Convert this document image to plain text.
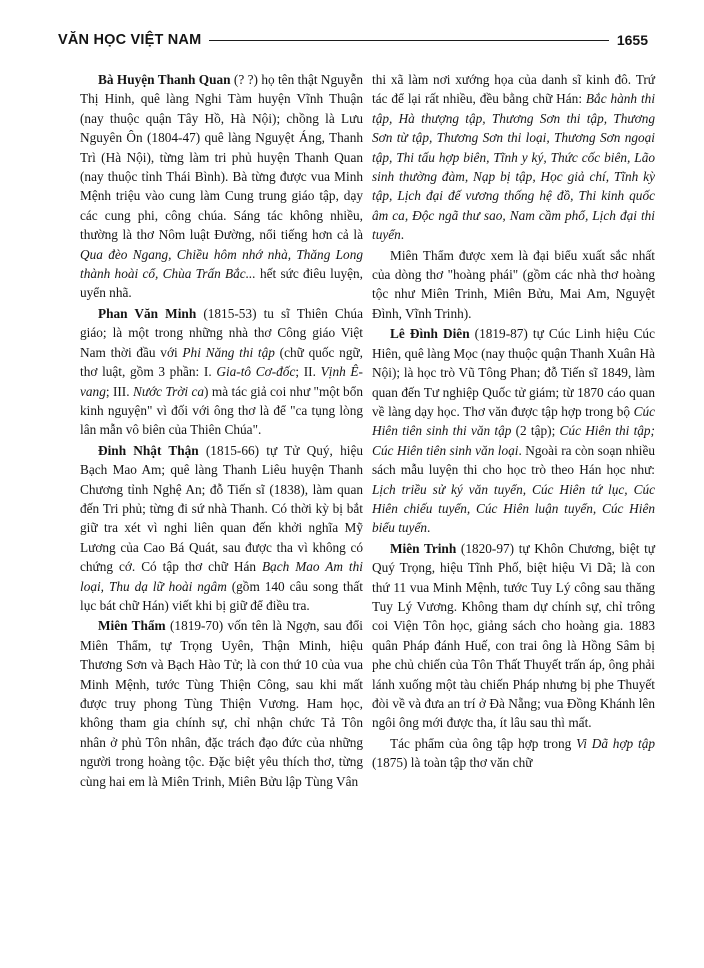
VĂN HỌC VIỆT NAM	1655

Bà Huyện Thanh Quan (? ?) họ tên thật Nguyễn Thị Hinh, quê làng Nghi Tàm huyện Vĩnh Thuận (nay thuộc quận Tây Hồ, Hà Nội); chồng là Lưu Nguyên Ôn (1804-47) quê làng Nguyệt Áng, Thanh Trì (Hà Nội), từng làm tri phủ huyện Thanh Quan (nay thuộc tỉnh Thái Bình). Bà từng được vua Minh Mệnh triệu vào cung làm Cung trung giáo tập, dạy các cung phi, công chúa. Sáng tác không nhiều, thường là thơ Nôm luật Đường, nổi tiếng hơn cả là Qua đèo Ngang, Chiều hôm nhớ nhà, Thăng Long thành hoài cổ, Chùa Trấn Bắc... hết sức điêu luyện, uyển nhã.

Phan Văn Minh (1815-53) tu sĩ Thiên Chúa giáo; là một trong những nhà thơ Công giáo Việt Nam thời đầu với Phi Năng thi tập (chữ quốc ngữ, thơ luật, gồm 3 phần: I. Gia-tô Cơ-đốc; II. Vịnh Ê-vang; III. Nước Trời ca) mà tác giả coi như "một bổn kinh nguyện" vì đối với ông thơ là để "ca tụng lòng lân mẫn vô biên của Thiên Chúa".

Đinh Nhật Thận (1815-66) tự Tử Quý, hiệu Bạch Mao Am; quê làng Thanh Liêu huyện Thanh Chương tỉnh Nghệ An; đỗ Tiến sĩ (1838), làm quan đến Tri phủ; từng đi sứ nhà Thanh. Có thời kỳ bị bắt giữ tra xét vì nghi liên quan đến khởi nghĩa Mỹ Lương của Cao Bá Quát, sau được tha vì không có chứng cớ. Có tập thơ chữ Hán Bạch Mao Am thi loại, Thu dạ lữ hoài ngâm (gồm 140 câu song thất lục bát chữ Hán) viết khi bị giữ để điều tra.

Miên Thẩm (1819-70) vốn tên là Ngợn, sau đổi Miên Thẩm, tự Trọng Uyên, Thận Minh, hiệu Thương Sơn và Bạch Hào Tử; là con thứ 10 của vua Minh Mệnh, tước Tùng Thiện Công, sau khi mất được truy phong Tùng Thiện Vương. Ham học, không tham gia chính sự, chỉ nhận chức Tả Tôn nhân ở phủ Tôn nhân, đặc trách đạo đức của những người trong hoàng tộc. Đặc biệt yêu thích thơ, từng cùng hai em là Miên Trinh, Miên Bửu lập Tùng Vân

thi xã làm nơi xướng họa của danh sĩ kinh đô. Trứ tác để lại rất nhiều, đều bằng chữ Hán: Bắc hành thi tập, Hà thượng tập, Thương Sơn thi tập, Thương Sơn từ tập, Thương Sơn thi loại, Thương Sơn ngoại tập, Thi tấu hợp biên, Tĩnh y ký, Thức cốc biên, Lão sinh thường đàm, Nạp bị tập, Học giả chí, Tĩnh kỳ tập, Lịch đại đế vương thống hệ đồ, Thi kinh quốc âm ca, Độc ngã thư sao, Nam cầm phổ, Lịch đại thi tuyển.

Miên Thẩm được xem là đại biểu xuất sắc nhất của dòng thơ "hoàng phái" (gồm các nhà thơ hoàng tộc như Miên Trinh, Miên Bửu, Mai Am, Nguyệt Đình, Vĩnh Trinh).

Lê Đình Diên (1819-87) tự Cúc Linh hiệu Cúc Hiên, quê làng Mọc (nay thuộc quận Thanh Xuân Hà Nội); là học trò Vũ Tông Phan; đỗ Tiến sĩ 1849, làm quan đến Tư nghiệp Quốc tử giám; từ 1870 cáo quan về làng dạy học. Thơ văn được tập hợp trong bộ Cúc Hiên tiên sinh thi văn tập (2 tập); Cúc Hiên thi tập; Cúc Hiên tiên sinh văn loại. Ngoài ra còn soạn nhiều sách mẫu luyện thi cho học trò theo Hán học như: Lịch triều sử ký văn tuyển, Cúc Hiên tứ lục, Cúc Hiên chiếu tuyển, Cúc Hiên luận tuyển, Cúc Hiên biểu tuyển.

Miên Trinh (1820-97) tự Khôn Chương, biệt tự Quý Trọng, hiệu Tĩnh Phố, biệt hiệu Vi Dã; là con thứ 11 vua Minh Mệnh, tước Tuy Lý công sau thăng Tuy Lý Vương. Không tham dự chính sự, chỉ trông coi Viện Tôn học, giảng sách cho hoàng gia. 1883 quân Pháp đánh Huế, con trai ông là Hồng Sâm bị phe chủ chiến của Tôn Thất Thuyết trấn áp, ông phải lánh xuống một tàu chiến Pháp nhưng bị phe Thuyết đòi về và đưa an trí ở Đà Nẵng; vua Đồng Khánh lên ngôi ông mới được tha, ít lâu sau thì mất.

Tác phẩm của ông tập hợp trong Vi Dã hợp tập (1875) là toàn tập thơ văn chữ
